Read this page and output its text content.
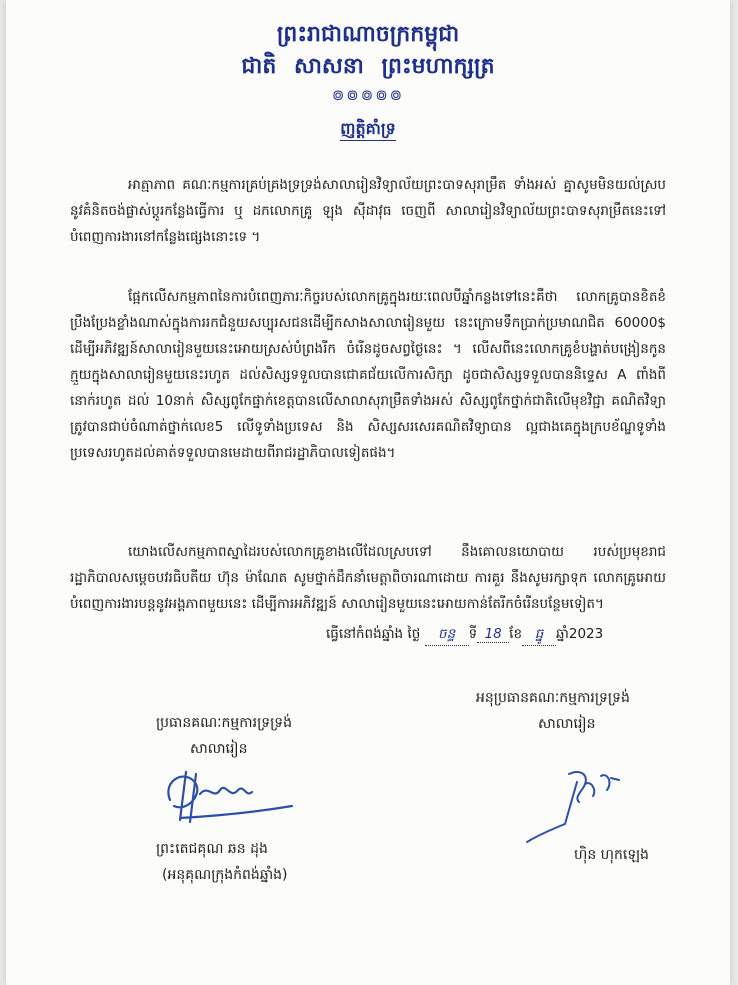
ព្រះរាជាណាចក្រកម្ពុជា
ជាតិ សាសនា ព្រះមហាក្សត្រ
៙៙៙៙៙
ញត្តិគាំទ្រ
អាត្មាភាព គណៈកម្មការគ្រប់គ្រងទ្រទ្រង់សាលារៀនវិទ្យាល័យព្រះបាទសុរាម្រឹត ទាំងអស់ គ្នាសូមមិនយល់ស្របនូវគំនិតចង់ផ្លាស់ប្តូរកន្លែងធ្វើការ ឬ ដកលោកគ្រូ ឡុង ស៊ីដាវុធ ចេញពី សាលារៀនវិទ្យាល័យព្រះបាទសុរាម្រឹតនេះទៅបំពេញការងារនៅកន្លែងផ្សេងនោះទេ ។
ផ្អែកលើសកម្មភាពនៃការបំពេញភារៈកិច្ចរបស់លោកគ្រូក្នុងរយៈពេលបីឆ្នាំកន្លងទៅនេះគឺថា លោកគ្រូបានខិតខំប្រឹងប្រែងខ្លាំងណាស់ក្នុងការរកជំនួយសប្បុរសជនដើម្បីកសាងសាលារៀនមួយ នេះក្រោមទឹកប្រាក់ប្រមាណជិត 60000$ ដើម្បីអភិវឌ្ឍន៍សាលារៀនមួយនេះអោយស្រស់បំព្រងរីក ចំរើនដូចសព្វថ្ងៃនេះ ។ លើសពីនេះលោកគ្រូខំបង្ហាត់បង្រៀនកូនក្មួយក្នុងសាលារៀនមួយនេះរហូត ដល់សិស្សទទួលបានជោគជ័យលើការសិក្សា ដូចជាសិស្សទទួលបាននិទ្ទេស A ពាំងពី នោក់រហូត ដល់ 10នាក់ សិស្សពូកែផ្នាក់ខេត្តបានលើសាលាសុរាម្រឹតទាំងអស់ សិស្សពូកែថ្នាក់ជាតិលើមុខវិជ្ជា គណិតវិទ្យា ត្រូវបានជាប់ចំណាត់ថ្នាក់លេខ5 លើទូទាំងប្រទេស និង សិស្សសរសេរគណិតវិទ្យាបាន ល្អជាងគេក្នុងក្របខ័ណ្ឌទូទាំងប្រទេសរហូតដល់គាត់ទទួលបានមេដាយពីរាជរដ្ឋាភិបាលទៀតផង។
យោងលើសកម្មភាពស្នាដៃរបស់លោកគ្រូខាងលើដែលស្របទៅ នឹងគោលនយោបាយ របស់ប្រមុខរាជរដ្ឋាភិបាលសម្តេចបវរធិបតីយ ហ៊ុន ម៉ាណែត សូមថ្នាក់ដឹកនាំមេត្តាពិចារណាដោយ ការគួរ នឹងសូមរក្សាទុក លោកគ្រូអោយបំពេញការងារបន្តនូវអង្គភាពមួយនេះ ដើម្បីការអភិវឌ្ឍន៍ សាលារៀនមួយនេះអោយកាន់តែរីកចំរើនបន្ថែមទៀត។
ធ្វើនៅកំពង់ឆ្នាំង ថ្ងៃ ចន្ទ ទី 18 ខែ ធ្នូ ឆ្នាំ2023
អនុប្រធានគណៈកម្មការទ្រទ្រង់
សាលារៀន
ប្រធានគណៈកម្មការទ្រទ្រង់
សាលារៀន
ព្រះតេជគុណ ឆន ដុង
(អនុគុណក្រុងកំពង់ឆ្នាំង)
ហ៊ិន ហុកឡេង
